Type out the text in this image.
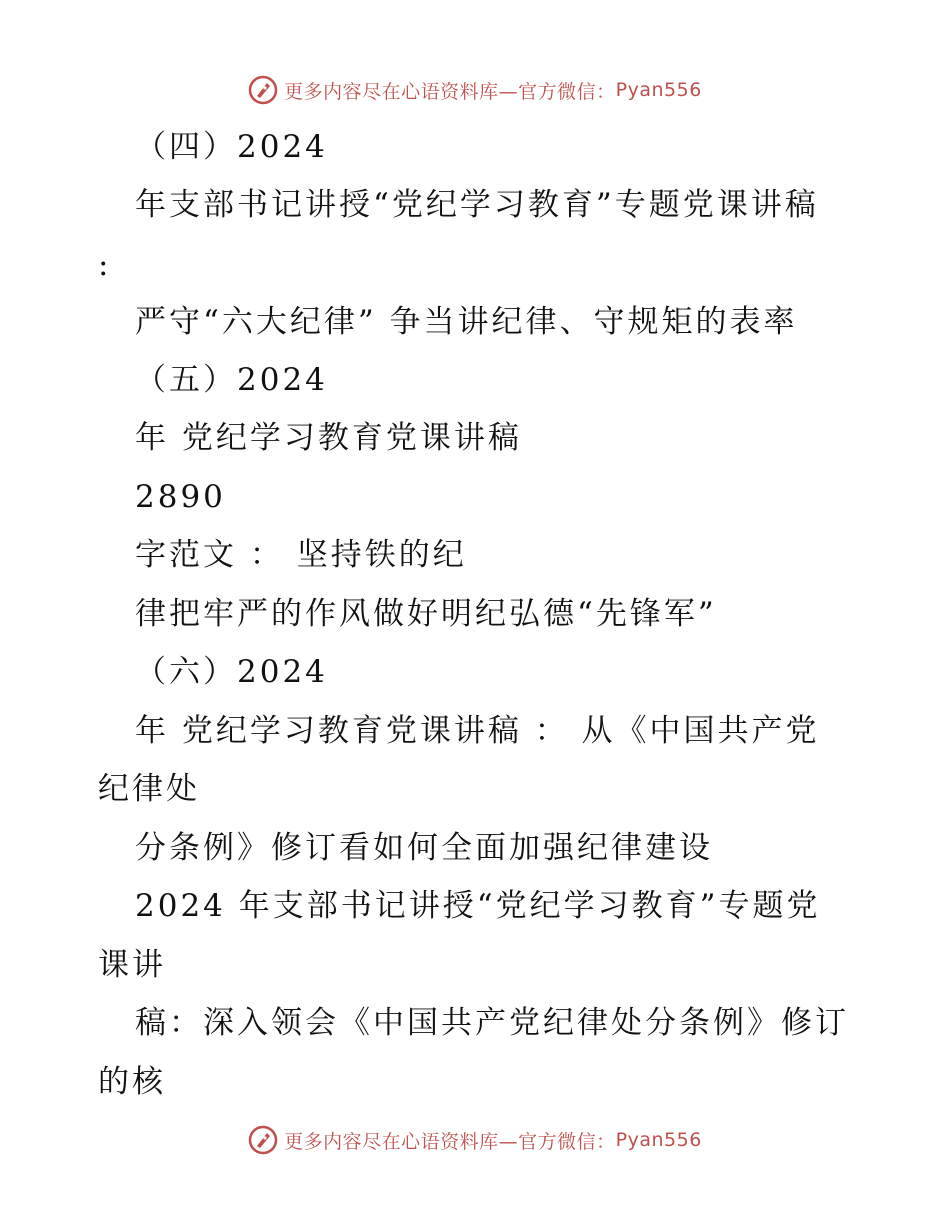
更多内容尽在心语资料库—官方微信： Pyan556
（四）2024
年支部书记讲授“党纪学习教育”专题党课讲稿
:
严守“六大纪律” 争当讲纪律、守规矩的表率
（五）2024
年 党纪学习教育党课讲稿
2890
字范文 ： 坚持铁的纪
律把牢严的作风做好明纪弘德“先锋军”
（六）2024
年 党纪学习教育党课讲稿 ： 从《中国共产党
纪律处
分条例》修订看如何全面加强纪律建设
2024 年支部书记讲授“党纪学习教育”专题党
课讲
稿：深入领会《中国共产党纪律处分条例》修订
的核
更多内容尽在心语资料库—官方微信： Pyan556
